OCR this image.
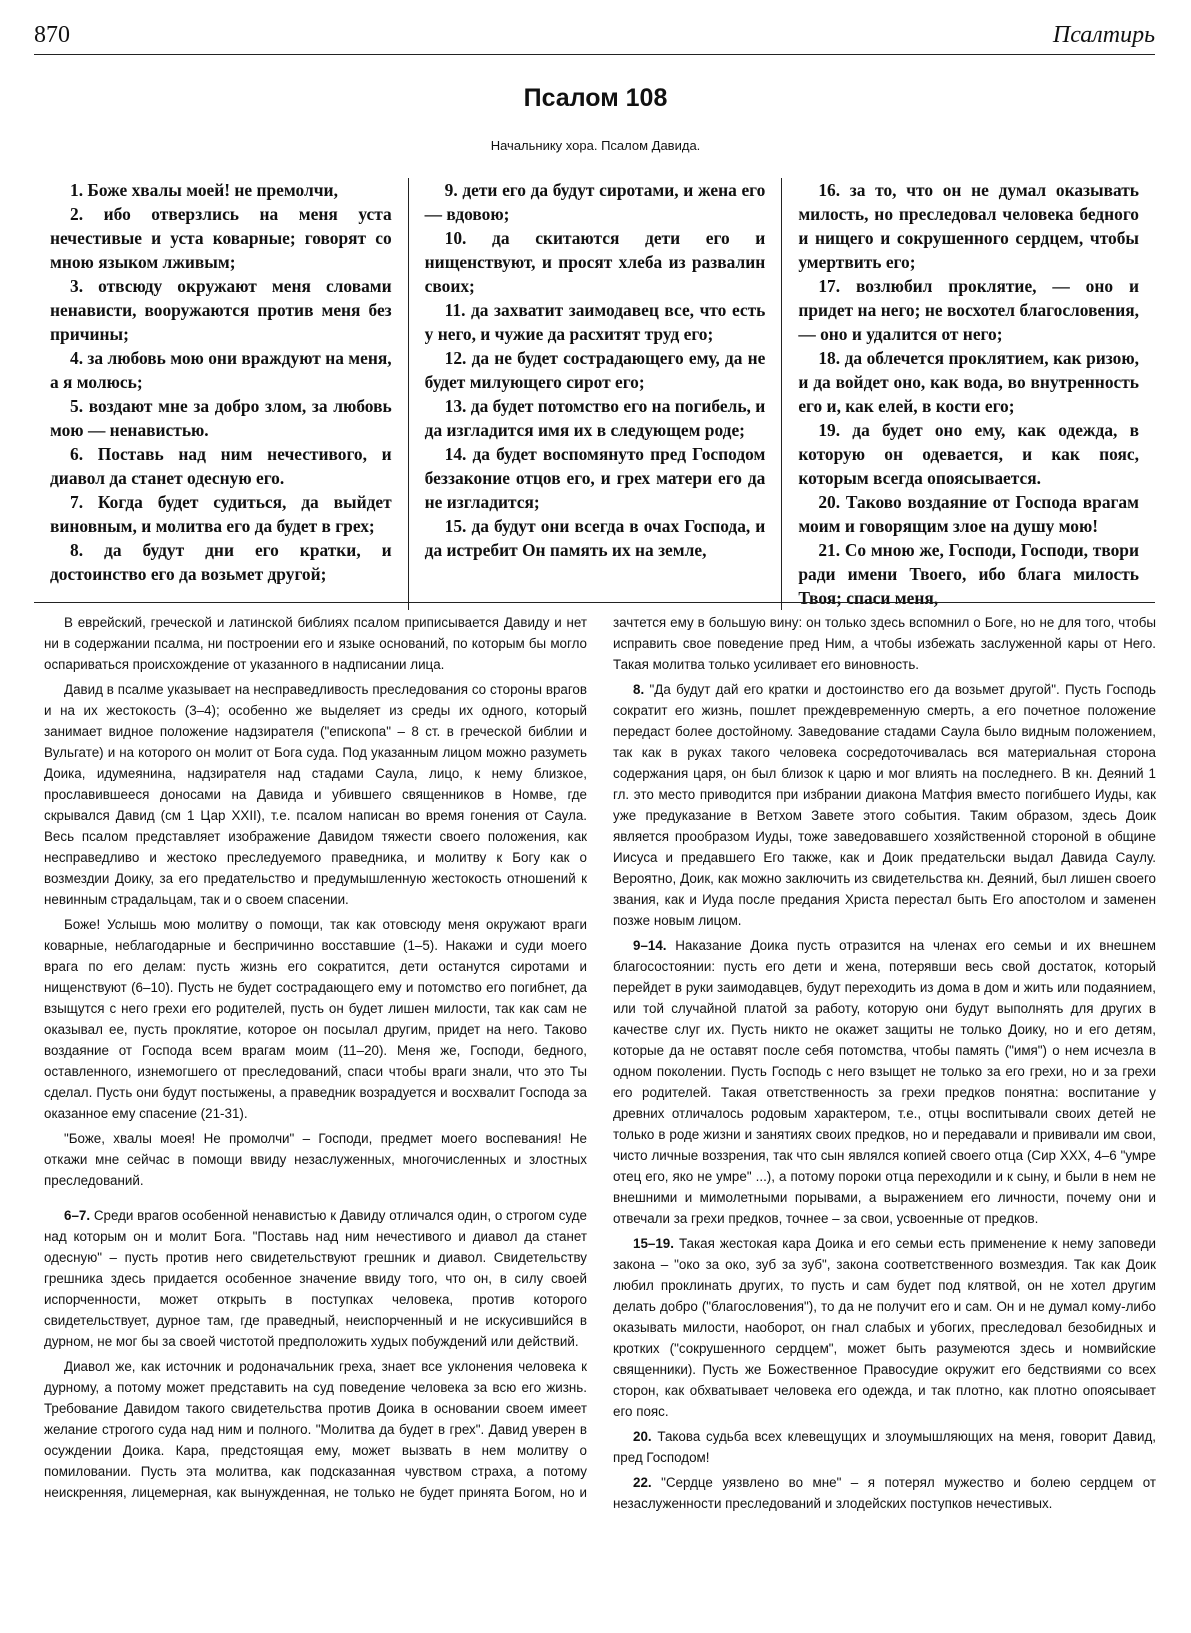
870	Псалтирь
Псалом 108
Начальнику хора. Псалом Давида.

1. Боже хвалы моей! не премолчи,

2. ибо отверзлись на меня уста нечестивые и уста коварные; говорят со мною языком лживым;

3. отвсюду окружают меня словами ненависти, вооружаются против меня без причины;

4. за любовь мою они враждуют на меня, а я молюсь;

5. воздают мне за добро злом, за любовь мою — ненавистью.

6. Поставь над ним нечестивого, и диавол да станет одесную его.

7. Когда будет судиться, да выйдет виновным, и молитва его да будет в грех;

8. да будут дни его кратки, и достоинство его да возьмет другой;

9. дети его да будут сиротами, и жена его — вдовою;

10. да скитаются дети его и нищенствуют, и просят хлеба из развалин своих;

11. да захватит заимодавец все, что есть у него, и чужие да расхитят труд его;

12. да не будет сострадающего ему, да не будет милующего сирот его;

13. да будет потомство его на погибель, и да изгладится имя их в следующем роде;

14. да будет воспомянуто пред Господом беззаконие отцов его, и грех матери его да не изгладится;

15. да будут они всегда в очах Господа, и да истребит Он память их на земле,

16. за то, что он не думал оказывать милость, но преследовал человека бедного и нищего и сокрушенного сердцем, чтобы умертвить его;

17. возлюбил проклятие, — оно и придет на него; не восхотел благословения, — оно и удалится от него;

18. да облечется проклятием, как ризою, и да войдет оно, как вода, во внутренность его и, как елей, в кости его;

19. да будет оно ему, как одежда, в которую он одевается, и как пояс, которым всегда опоясывается.

20. Таково воздаяние от Господа врагам моим и говорящим злое на душу мою!

21. Со мною же, Господи, Господи, твори ради имени Твоего, ибо блага милость Твоя; спаси меня,

В еврейский, греческой и латинской библиях псалом приписывается Давиду и нет ни в содержании псалма, ни построении его и языке оснований, по которым бы могло оспариваться происхождение от указанного в надписании лица.

Давид в псалме указывает на несправедливость преследования со стороны врагов и на их жестокость (3–4); особенно же выделяет из среды их одного, который занимает видное положение надзирателя ("епископа" – 8 ст. в греческой библии и Вульгате) и на которого он молит от Бога суда. Под указанным лицом можно разуметь Доика, идумеянина, надзирателя над стадами Саула, лицо, к нему близкое, прославившееся доносами на Давида и убившего священников в Номве, где скрывался Давид (см 1 Цар XXII), т.е. псалом написан во время гонения от Саула. Весь псалом представляет изображение Давидом тяжести своего положения, как несправедливо и жестоко преследуемого праведника, и молитву к Богу как о возмездии Доику, за его предательство и предумышленную жестокость отношений к невинным страдальцам, так и о своем спасении.

Боже! Услышь мою молитву о помощи, так как отовсюду меня окружают враги коварные, неблагодарные и беспричинно восставшие (1–5). Накажи и суди моего врага по его делам: пусть жизнь его сократится, дети останутся сиротами и нищенствуют (6–10). Пусть не будет сострадающего ему и потомство его погибнет, да взыщутся с него грехи его родителей, пусть он будет лишен милости, так как сам не оказывал ее, пусть проклятие, которое он посылал другим, придет на него. Таково воздаяние от Господа всем врагам моим (11–20). Меня же, Господи, бедного, оставленного, изнемогшего от преследований, спаси чтобы враги знали, что это Ты сделал. Пусть они будут постыжены, а праведник возрадуется и восхвалит Господа за оказанное ему спасение (21-31).

"Боже, хвалы моея! Не промолчи" – Господи, предмет моего воспевания! Не откажи мне сейчас в помощи ввиду незаслуженных, многочисленных и злостных преследований.

6–7. Среди врагов особенной ненавистью к Давиду отличался один, о строгом суде над которым он и молит Бога. "Поставь над ним нечестивого и диавол да станет одесную" – пусть против него свидетельствуют грешник и диавол. Свидетельству грешника здесь придается особенное значение ввиду того, что он, в силу своей испорченности, может открыть в поступках человека, против которого свидетельствует, дурное там, где праведный, неиспорченный и не искусившийся в дурном, не мог бы за своей чистотой предположить худых побуждений или действий.

Диавол же, как источник и родоначальник греха, знает все уклонения человека к дурному, а потому может представить на суд поведение человека за всю его жизнь. Требование Давидом такого свидетельства против Доика в основании своем имеет желание строгого суда над ним и полного. "Молитва да будет в грех". Давид уверен в осуждении Доика. Кара, предстоящая ему, может вызвать в нем молитву о помиловании. Пусть эта молитва, как подсказанная чувством страха, а потому неискренняя, лицемерная, как вынужденная, не только не будет принята Богом, но и зачтется ему в большую вину: он только здесь вспомнил о Боге, но не для того, чтобы исправить свое поведение пред Ним, а чтобы избежать заслуженной кары от Него. Такая молитва только усиливает его виновность.

8. "Да будут дай его кратки и достоинство его да возьмет другой". Пусть Господь сократит его жизнь, пошлет преждевременную смерть, а его почетное положение передаст более достойному. Заведование стадами Саула было видным положением, так как в руках такого человека сосредоточивалась вся материальная сторона содержания царя, он был близок к царю и мог влиять на последнего. В кн. Деяний 1 гл. это место приводится при избрании диакона Матфия вместо погибшего Иуды, как уже предуказание в Ветхом Завете этого события. Таким образом, здесь Доик является прообразом Иуды, тоже заведовавшего хозяйственной стороной в общине Иисуса и предавшего Его также, как и Доик предательски выдал Давида Саулу. Вероятно, Доик, как можно заключить из свидетельства кн. Деяний, был лишен своего звания, как и Иуда после предания Христа перестал быть Его апостолом и заменен позже новым лицом.

9–14. Наказание Доика пусть отразится на членах его семьи и их внешнем благосостоянии: пусть его дети и жена, потерявши весь свой достаток, который перейдет в руки заимодавцев, будут переходить из дома в дом и жить или подаянием, или той случайной платой за работу, которую они будут выполнять для других в качестве слуг их. Пусть никто не окажет защиты не только Доику, но и его детям, которые да не оставят после себя потомства, чтобы память ("имя") о нем исчезла в одном поколении. Пусть Господь с него взыщет не только за его грехи, но и за грехи его родителей. Такая ответственность за грехи предков понятна: воспитание у древних отличалось родовым характером, т.е., отцы воспитывали своих детей не только в роде жизни и занятиях своих предков, но и передавали и прививали им свои, чисто личные воззрения, так что сын являлся копией своего отца (Сир XXX, 4–6 "умре отец его, яко не умре" ...), а потому пороки отца переходили и к сыну, и были в нем не внешними и мимолетными порывами, а выражением его личности, почему они и отвечали за грехи предков, точнее – за свои, усвоенные от предков.

15–19. Такая жестокая кара Доика и его семьи есть применение к нему заповеди закона – "око за око, зуб за зуб", закона соответственного возмездия. Так как Доик любил проклинать других, то пусть и сам будет под клятвой, он не хотел другим делать добро ("благословения"), то да не получит его и сам. Он и не думал кому-либо оказывать милости, наоборот, он гнал слабых и убогих, преследовал безобидных и кротких ("сокрушенного сердцем", может быть разумеются здесь и номвийские священники). Пусть же Божественное Правосудие окружит его бедствиями со всех сторон, как обхватывает человека его одежда, и так плотно, как плотно опоясывает его пояс.

20. Такова судьба всех клевещущих и злоумышляющих на меня, говорит Давид, пред Господом!

22. "Сердце уязвлено во мне" – я потерял мужество и болею сердцем от незаслуженности преследований и злодейских поступков нечестивых.
